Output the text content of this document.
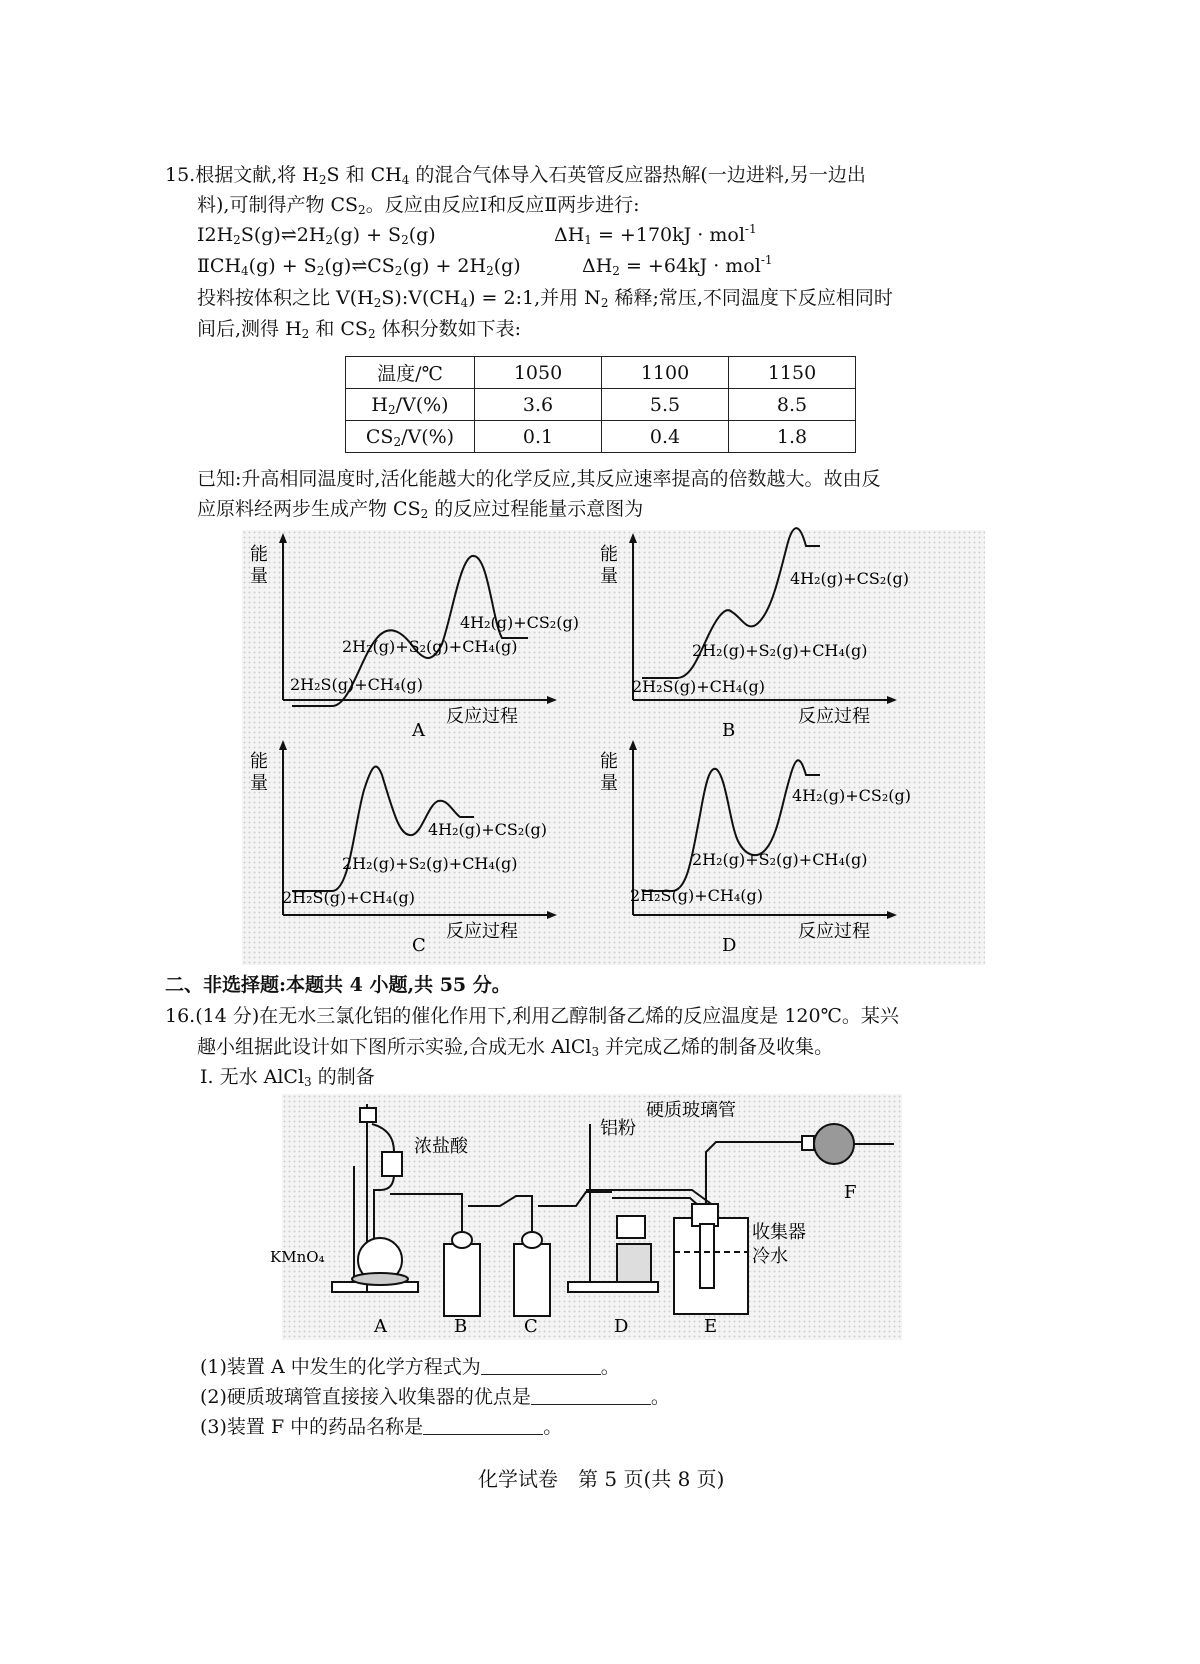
15.根据文献,将 $H_2S$ 和 $CH_4$ 的混合气体导入石英管反应器热解(一边进料,另一边出
料),可制得产物 $CS_2$。反应由反应Ⅰ和反应Ⅱ两步进行:
$Ⅰ2H_2S(g)\rightleftharpoons 2H_2(g) + S_2(g)$	$\Delta H_1 = +170kJ \cdot mol^{-1}$
$ⅡCH_4(g)$ + $S_2(g)\rightleftharpoons CS_2(g) + 2H_2(g)$	$\Delta H_2 = +64kJ \cdot mol^{-1}$
投料按体积之比 $V(H_2S):V(CH_4)$ = 2:1,并用 $N_2$ 稀释;常压,不同温度下反应相同时
间后,测得 $H_2$ 和 $CS_2$ 体积分数如下表:
温度/℃	1050	1100	1150
$H_2/V(\%)$	3.6	5.5	8.5
$CS_2/V(\%)$	0.1	0.4	1.8
已知:升高相同温度时,活化能越大的化学反应,其反应速率提高的倍数越大。故由反
应原料经两步生成产物 $CS_2$ 的反应过程能量示意图为
能
量
4H₂(g)+CS₂(g)
2H₂(g)+S₂(g)+CH₄(g)
2H₂S(g)+CH₄(g)
反应过程
A
能
量	4H₂(g)+CS₂(g)
2H₂(g)+S₂(g)+CH₄(g)
2H₂S(g)+CH₄(g)
反应过程
B
能
量
4H₂(g)+CS₂(g)
2H₂(g)+S₂(g)+CH₄(g)
2H₂S(g)+CH₄(g)
反应过程
C
能
量
4H₂(g)+CS₂(g)
2H₂(g)+S₂(g)+CH₄(g)
2H₂S(g)+CH₄(g)
反应过程
D
二、非选择题:本题共 4 小题,共 55 分。
16.(14 分)在无水三氯化铝的催化作用下,利用乙醇制备乙烯的反应温度是 120℃。某兴
趣小组据此设计如下图所示实验,合成无水 AlCl$_3$ 并完成乙烯的制备及收集。
Ⅰ. 无水 AlCl$_3$ 的制备
浓盐酸
铝粉
硬质玻璃管
KMnO₄
收集器
冷水
F
A	B	C	D	E
(1)装置 A 中发生的化学方程式为	。
(2)硬质玻璃管直接接入收集器的优点是	。
(3)装置 F 中的药品名称是	。
化学试卷　第 5 页(共 8 页)
